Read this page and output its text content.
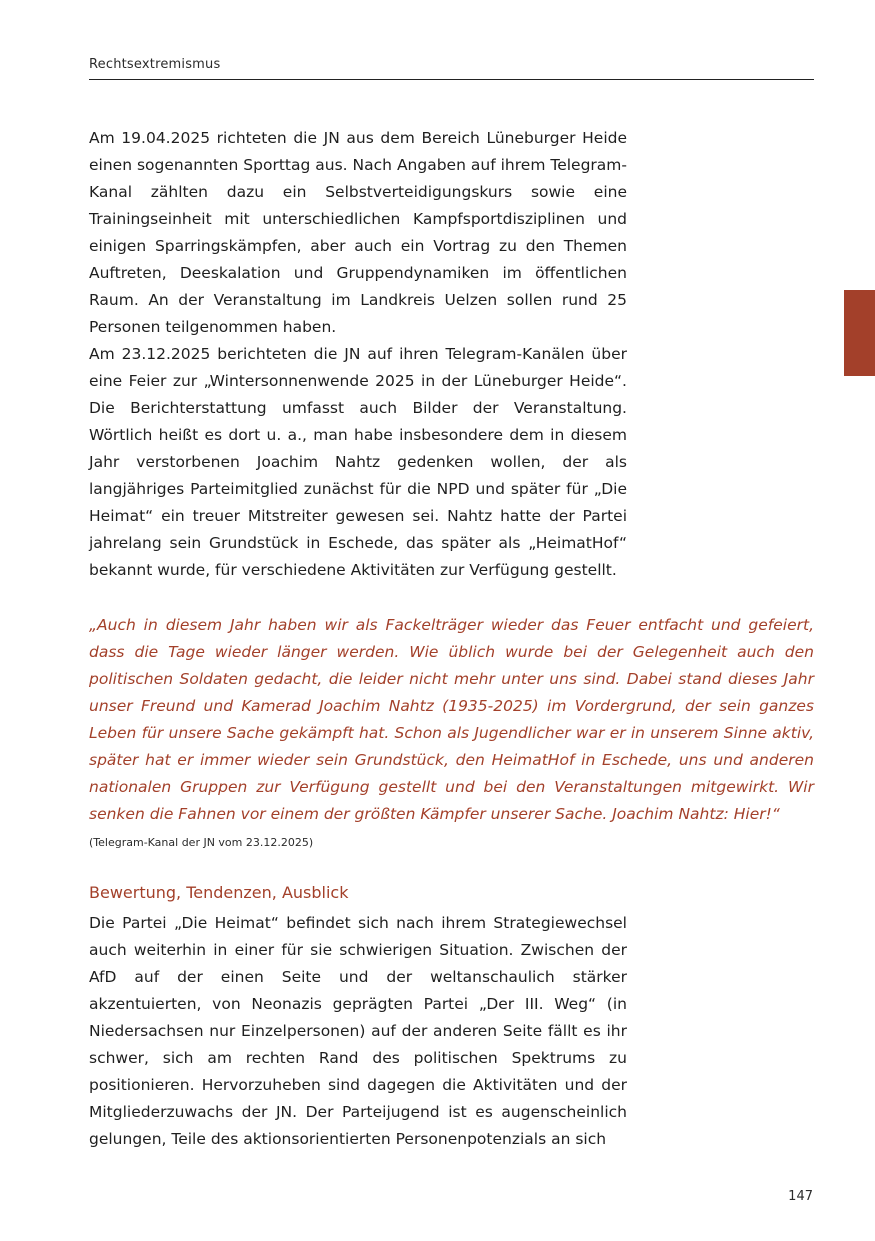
Rechtsextremismus

Am 19.04.2025 richteten die JN aus dem Bereich Lüneburger Heide einen sogenannten Sporttag aus. Nach Angaben auf ihrem Telegram-Kanal zählten dazu ein Selbstverteidigungskurs sowie eine Trainingseinheit mit unterschiedlichen Kampfsportdisziplinen und einigen Sparringskämpfen, aber auch ein Vortrag zu den Themen Auftreten, Deeskalation und Gruppendynamiken im öffentlichen Raum. An der Veranstaltung im Landkreis Uelzen sollen rund 25 Personen teilgenommen haben.

Am 23.12.2025 berichteten die JN auf ihren Telegram-Kanälen über eine Feier zur „Wintersonnenwende 2025 in der Lüneburger Heide“. Die Berichterstattung umfasst auch Bilder der Veranstaltung. Wörtlich heißt es dort u. a., man habe insbesondere dem in diesem Jahr verstorbenen Joachim Nahtz gedenken wollen, der als langjähriges Parteimitglied zunächst für die NPD und später für „Die Heimat“ ein treuer Mitstreiter gewesen sei. Nahtz hatte der Partei jahrelang sein Grundstück in Eschede, das später als „HeimatHof“ bekannt wurde, für verschiedene Aktivitäten zur Verfügung gestellt.

„Auch in diesem Jahr haben wir als Fackelträger wieder das Feuer entfacht und gefeiert, dass die Tage wieder länger werden. Wie üblich wurde bei der Gelegenheit auch den politischen Soldaten gedacht, die leider nicht mehr unter uns sind. Dabei stand dieses Jahr unser Freund und Kamerad Joachim Nahtz (1935-2025) im Vordergrund, der sein ganzes Leben für unsere Sache gekämpft hat. Schon als Jugendlicher war er in unserem Sinne aktiv, später hat er immer wieder sein Grundstück, den HeimatHof in Eschede, uns und anderen nationalen Gruppen zur Verfügung gestellt und bei den Veranstaltungen mitgewirkt. Wir senken die Fahnen vor einem der größten Kämpfer unserer Sache. Joachim Nahtz: Hier!“

(Telegram-Kanal der JN vom 23.12.2025)

Bewertung, Tendenzen, Ausblick

Die Partei „Die Heimat“ befindet sich nach ihrem Strategiewechsel auch weiterhin in einer für sie schwierigen Situation. Zwischen der AfD auf der einen Seite und der weltanschaulich stärker akzentuierten, von Neonazis geprägten Partei „Der III. Weg“ (in Niedersachsen nur Einzelpersonen) auf der anderen Seite fällt es ihr schwer, sich am rechten Rand des politischen Spektrums zu positionieren. Hervorzuheben sind dagegen die Aktivitäten und der Mitgliederzuwachs der JN. Der Parteijugend ist es augenscheinlich gelungen, Teile des aktionsorientierten Personenpotenzials an sich

147
